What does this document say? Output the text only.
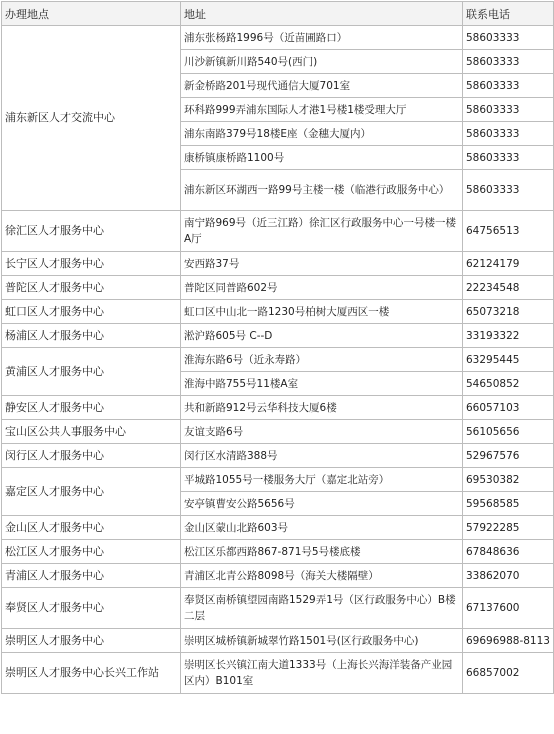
办理地点	地址	联系电话
浦东新区人才交流中心	浦东张杨路1996号（近苗圃路口）	58603333
	川沙新镇新川路540号(西门)	58603333
	新金桥路201号现代通信大厦701室	58603333
	环科路999弄浦东国际人才港1号楼1楼受理大厅	58603333
	浦东南路379号18楼E座（金穗大厦内）	58603333
	康桥镇康桥路1100号	58603333
	浦东新区环湖西一路99号主楼一楼（临港行政服务中心）	58603333
徐汇区人才服务中心	南宁路969号（近三江路）徐汇区行政服务中心一号楼一楼A厅	64756513
长宁区人才服务中心	安西路37号	62124179
普陀区人才服务中心	普陀区同普路602号	22234548
虹口区人才服务中心	虹口区中山北一路1230号柏树大厦西区一楼	65073218
杨浦区人才服务中心	淞沪路605号 C--D	33193322
黄浦区人才服务中心	淮海东路6号（近永寿路）	63295445
	淮海中路755号11楼A室	54650852
静安区人才服务中心	共和新路912号云华科技大厦6楼	66057103
宝山区公共人事服务中心	友谊支路6号	56105656
闵行区人才服务中心	闵行区水清路388号	52967576
嘉定区人才服务中心	平城路1055号一楼服务大厅（嘉定北站旁）	69530382
	安亭镇曹安公路5656号	59568585
金山区人才服务中心	金山区蒙山北路603号	57922285
松江区人才服务中心	松江区乐都西路867-871号5号楼底楼	67848636
青浦区人才服务中心	青浦区北青公路8098号（海关大楼隔壁）	33862070
奉贤区人才服务中心	奉贤区南桥镇望园南路1529弄1号（区行政服务中心）B楼二层	67137600
崇明区人才服务中心	崇明区城桥镇新城翠竹路1501号(区行政服务中心)	69696988-8113
崇明区人才服务中心长兴工作站	崇明区长兴镇江南大道1333号（上海长兴海洋装备产业园区内）B101室	66857002
